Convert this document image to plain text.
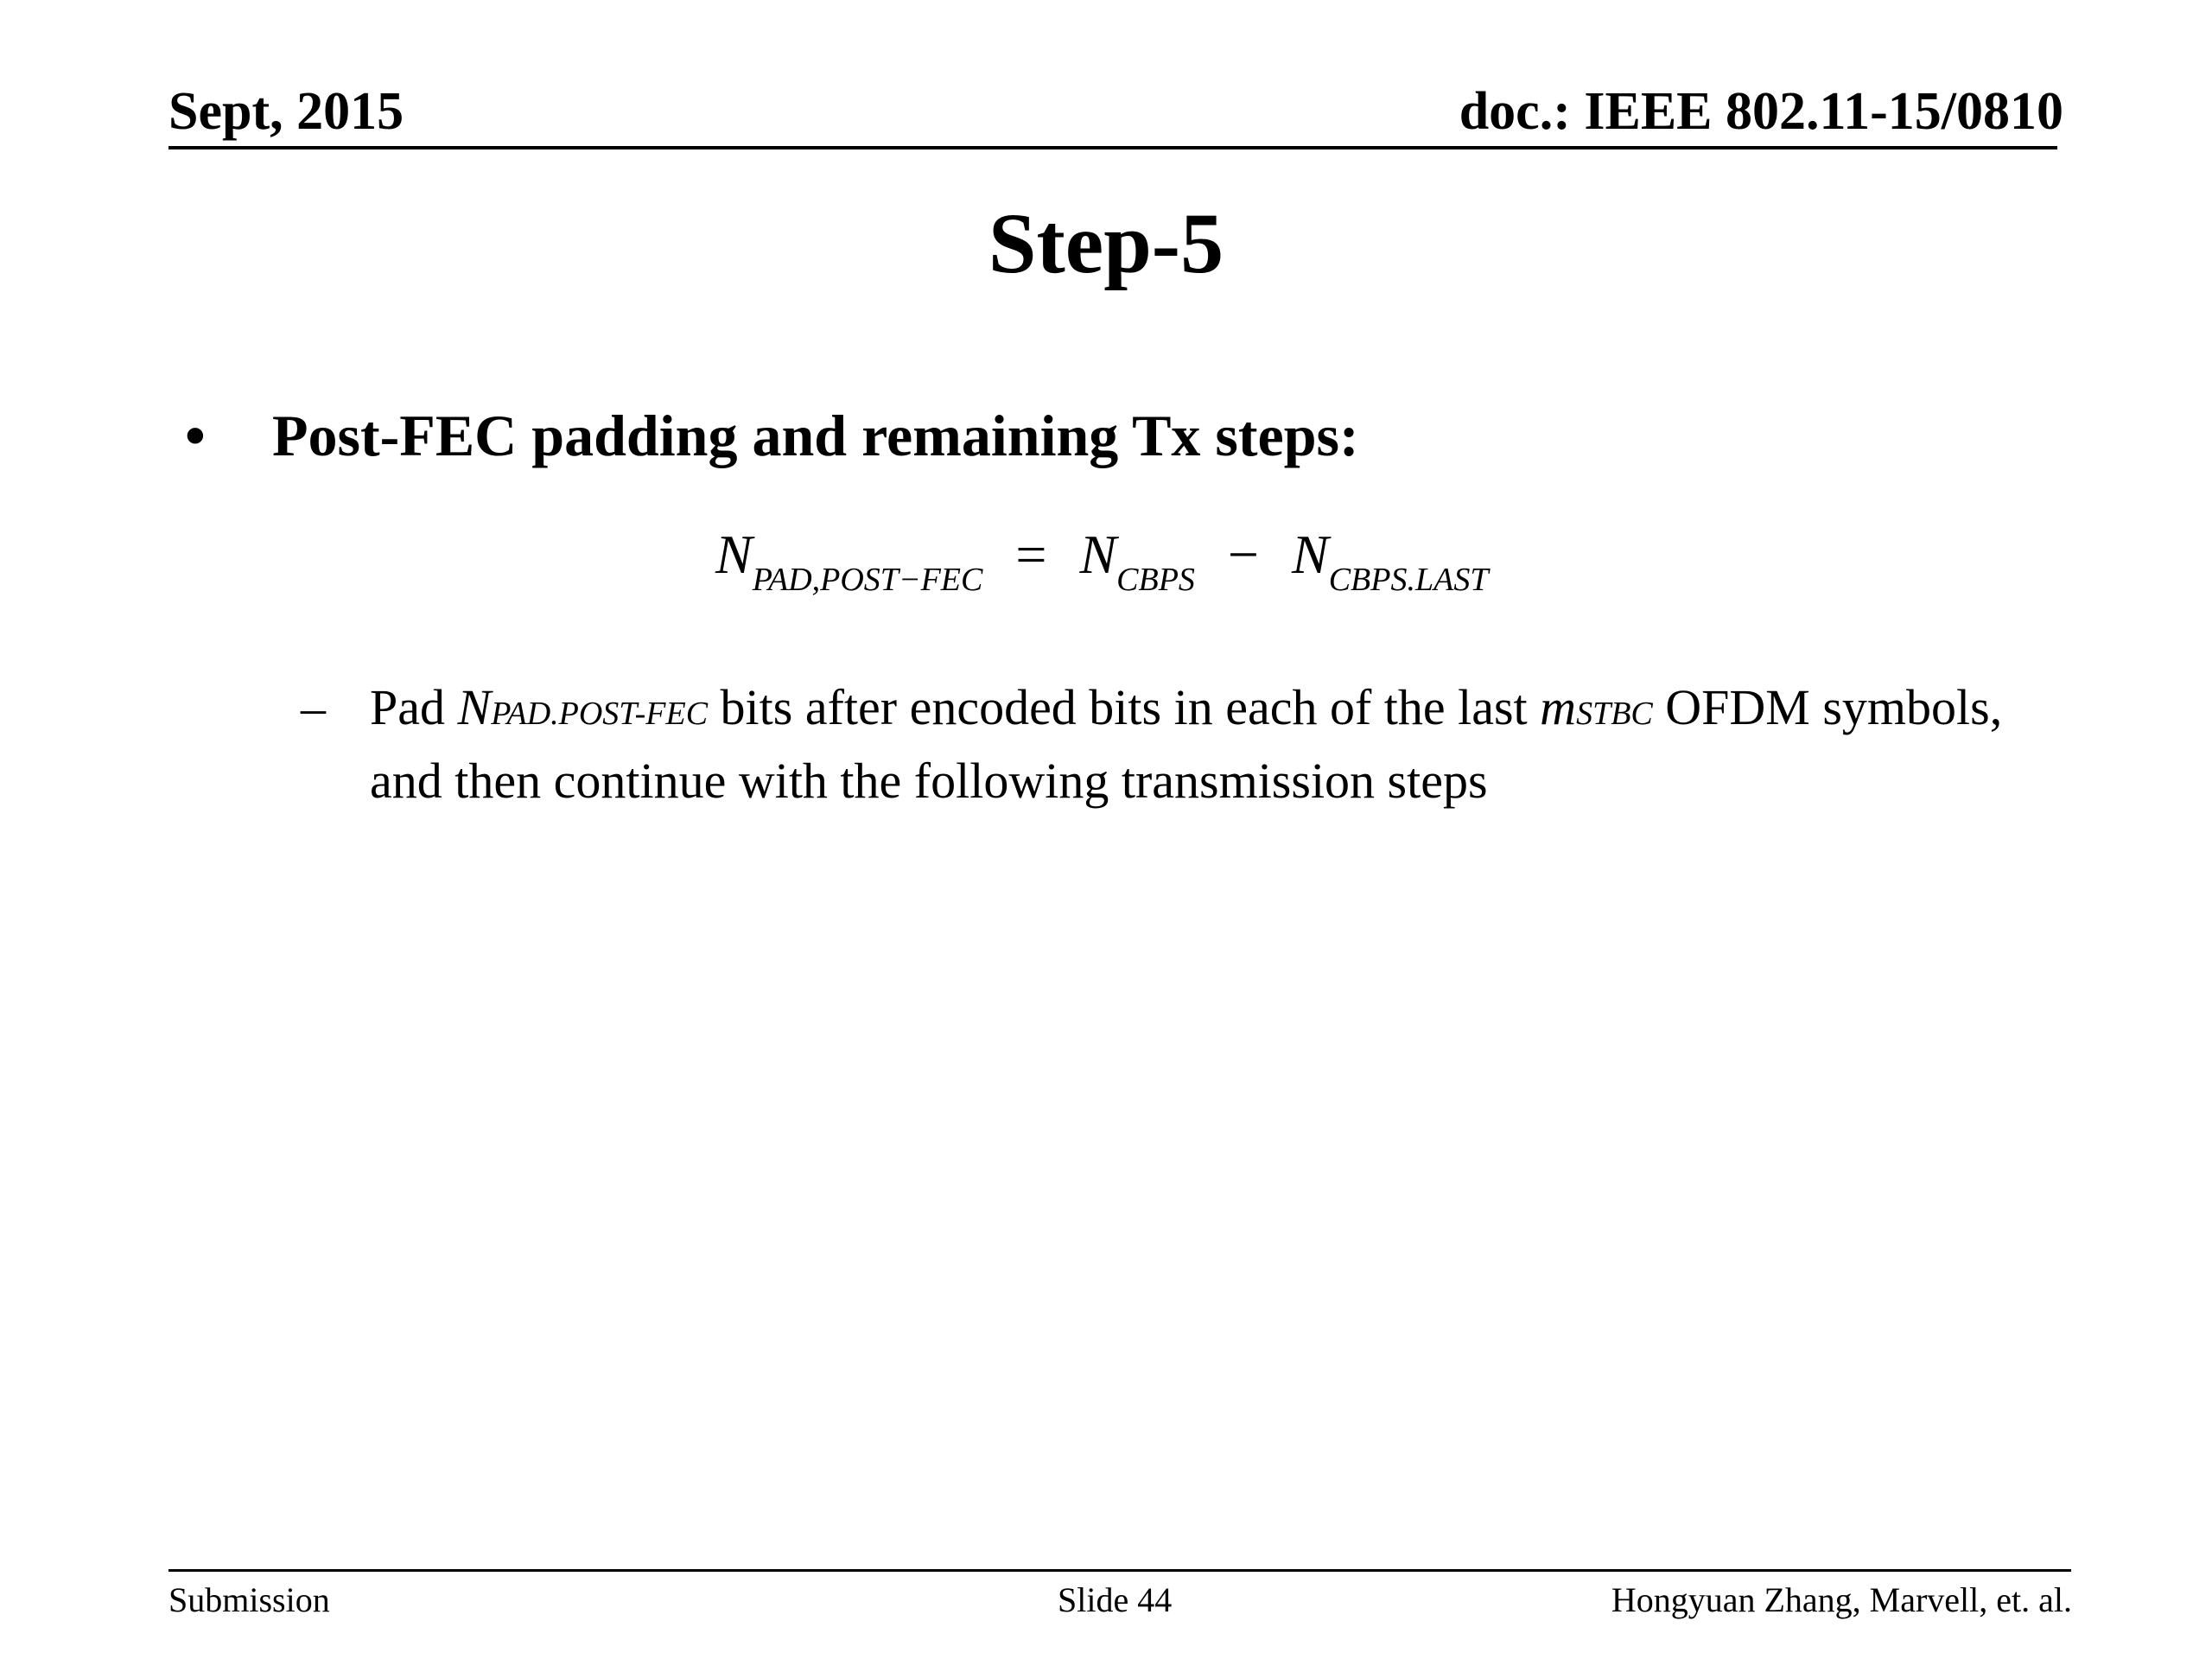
Sept, 2015	doc.: IEEE 802.11-15/0810
Step-5
• Post-FEC padding and remaining Tx steps:
$N_{PAD,POST-FEC} = N_{CBPS} - N_{CBPS.LAST}$
– Pad NPAD.POST-FEC bits after encoded bits in each of the last mSTBC OFDM symbols, and then continue with the following transmission steps
Submission	Slide 44	Hongyuan Zhang, Marvell, et. al.
